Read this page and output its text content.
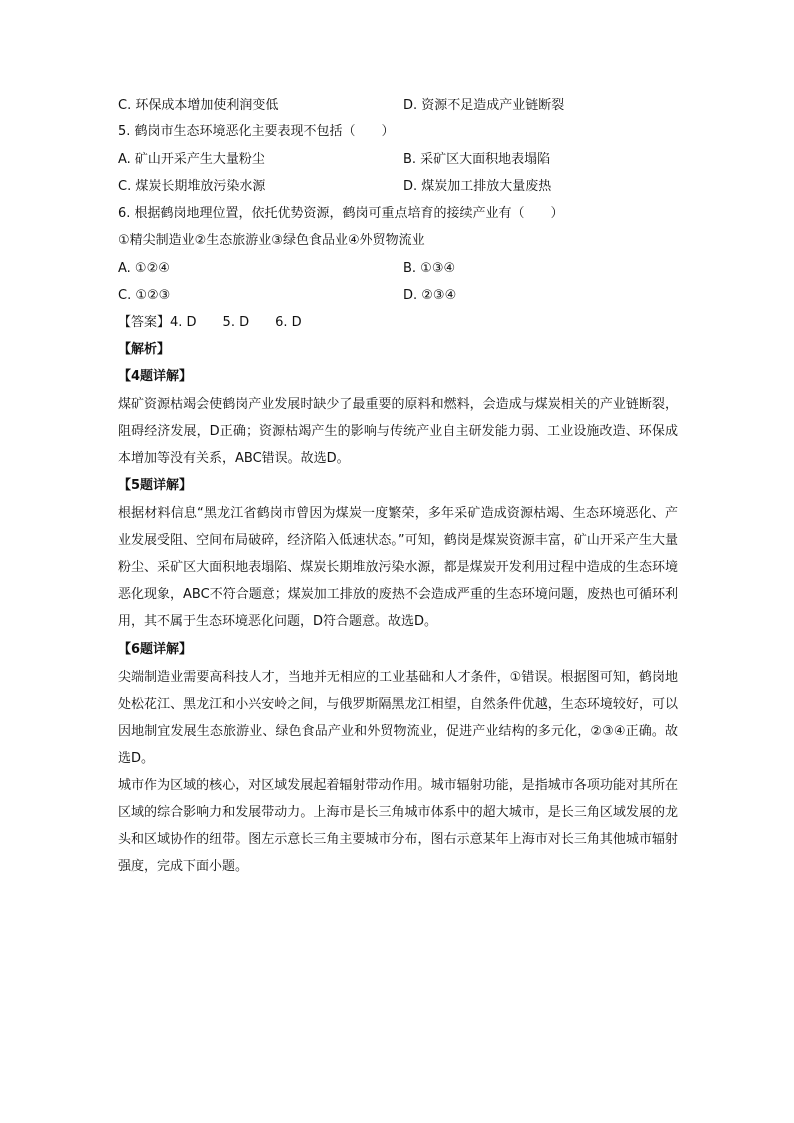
C. 环保成本增加使利润变低	D. 资源不足造成产业链断裂
5. 鹤岗市生态环境恶化主要表现不包括（　　）
A. 矿山开采产生大量粉尘	B. 采矿区大面积地表塌陷
C. 煤炭长期堆放污染水源	D. 煤炭加工排放大量废热
6. 根据鹤岗地理位置，依托优势资源，鹤岗可重点培育的接续产业有（　　）
①精尖制造业②生态旅游业③绿色食品业④外贸物流业
A. ①②④	B. ①③④
C. ①②③	D. ②③④
【答案】4. D　　5. D　　6. D
【解析】
【4题详解】
煤矿资源枯竭会使鹤岗产业发展时缺少了最重要的原料和燃料，会造成与煤炭相关的产业链断裂，阻碍经济发展，D正确；资源枯竭产生的影响与传统产业自主研发能力弱、工业设施改造、环保成本增加等没有关系，ABC错误。故选D。
【5题详解】
根据材料信息“黑龙江省鹤岗市曾因为煤炭一度繁荣，多年采矿造成资源枯竭、生态环境恶化、产业发展受阻、空间布局破碎，经济陷入低速状态。”可知，鹤岗是煤炭资源丰富，矿山开采产生大量粉尘、采矿区大面积地表塌陷、煤炭长期堆放污染水源，都是煤炭开发利用过程中造成的生态环境恶化现象，ABC不符合题意；煤炭加工排放的废热不会造成严重的生态环境问题，废热也可循环利用，其不属于生态环境恶化问题，D符合题意。故选D。
【6题详解】
尖端制造业需要高科技人才，当地并无相应的工业基础和人才条件，①错误。根据图可知，鹤岗地处松花江、黑龙江和小兴安岭之间，与俄罗斯隔黑龙江相望，自然条件优越，生态环境较好，可以因地制宜发展生态旅游业、绿色食品产业和外贸物流业，促进产业结构的多元化，②③④正确。故选D。
城市作为区域的核心，对区域发展起着辐射带动作用。城市辐射功能，是指城市各项功能对其所在区域的综合影响力和发展带动力。上海市是长三角城市体系中的超大城市，是长三角区域发展的龙头和区域协作的纽带。图左示意长三角主要城市分布，图右示意某年上海市对长三角其他城市辐射强度，完成下面小题。
